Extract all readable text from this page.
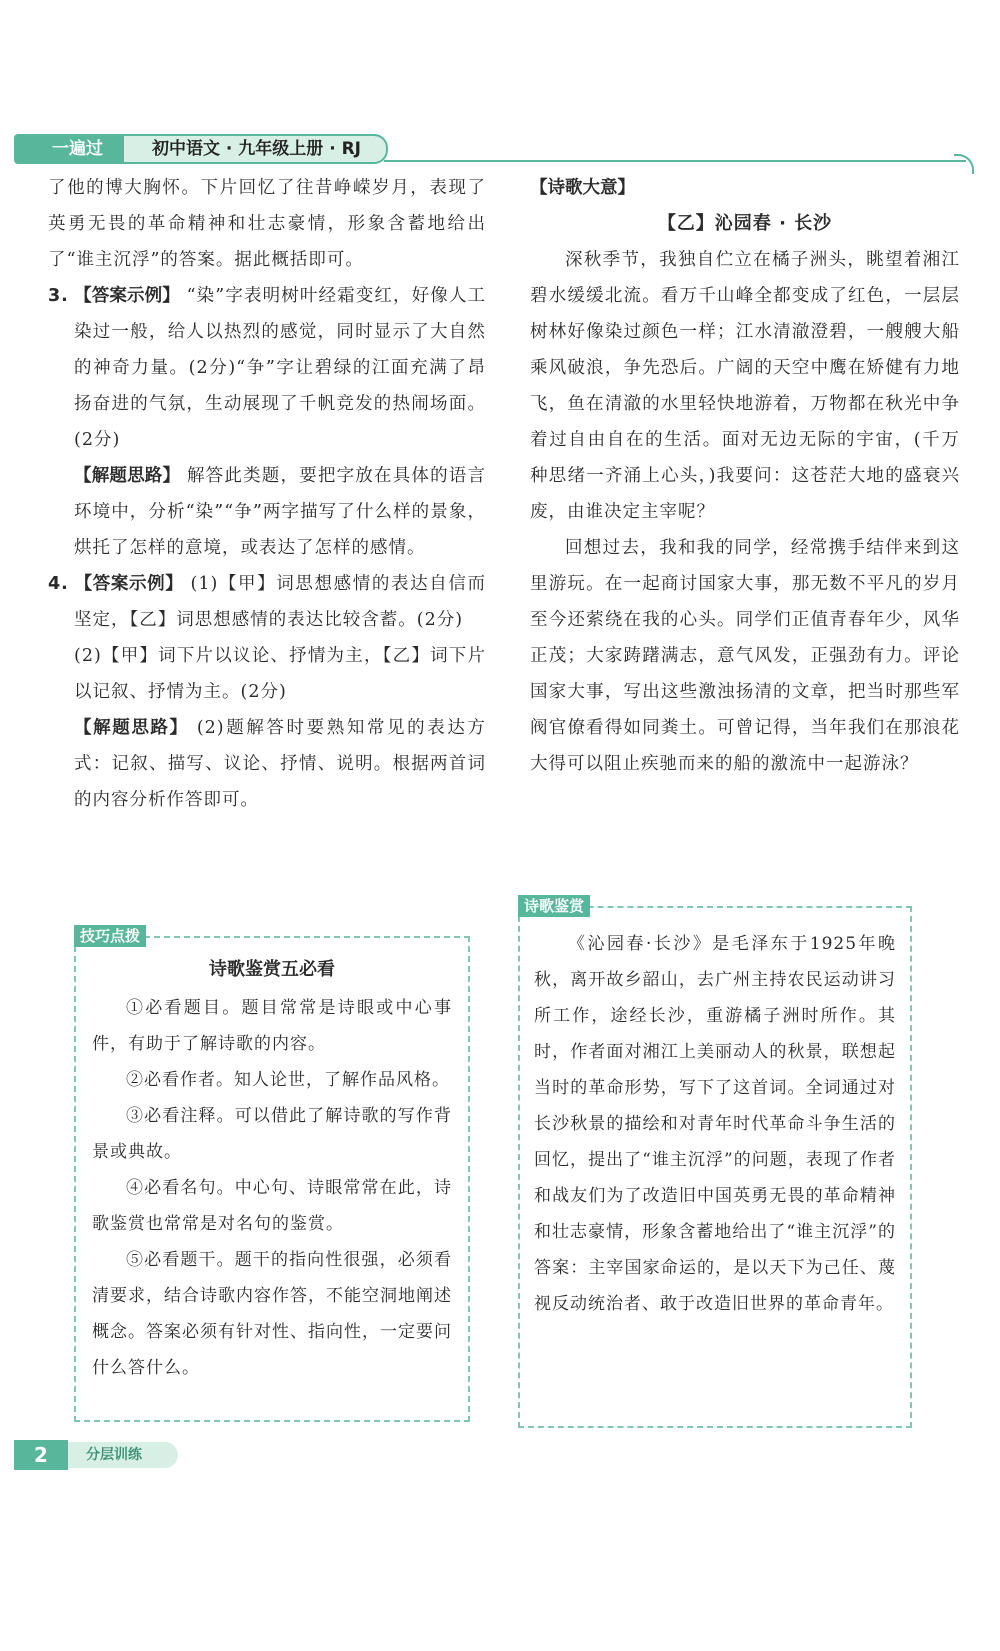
一遍过	初中语文 · 九年级上册 · RJ

了他的博大胸怀。下片回忆了往昔峥嵘岁月，表现了英勇无畏的革命精神和壮志豪情，形象含蓄地给出了“谁主沉浮”的答案。据此概括即可。

3. 【答案示例】 “染”字表明树叶经霜变红，好像人工染过一般，给人以热烈的感觉，同时显示了大自然的神奇力量。(2分)“争”字让碧绿的江面充满了昂扬奋进的气氛，生动展现了千帆竞发的热闹场面。(2分)

【解题思路】 解答此类题，要把字放在具体的语言环境中，分析“染”“争”两字描写了什么样的景象，烘托了怎样的意境，或表达了怎样的感情。

4. 【答案示例】 (1)【甲】词思想感情的表达自信而坚定，【乙】词思想感情的表达比较含蓄。(2分)

(2)【甲】词下片以议论、抒情为主，【乙】词下片以记叙、抒情为主。(2分)

【解题思路】 (2)题解答时要熟知常见的表达方式：记叙、描写、议论、抒情、说明。根据两首词的内容分析作答即可。

技巧点拨

诗歌鉴赏五必看

①必看题目。题目常常是诗眼或中心事件，有助于了解诗歌的内容。

②必看作者。知人论世，了解作品风格。

③必看注释。可以借此了解诗歌的写作背景或典故。

④必看名句。中心句、诗眼常常在此，诗歌鉴赏也常常是对名句的鉴赏。

⑤必看题干。题干的指向性很强，必须看清要求，结合诗歌内容作答，不能空洞地阐述概念。答案必须有针对性、指向性，一定要问什么答什么。

【诗歌大意】

【乙】沁园春 · 长沙

深秋季节，我独自伫立在橘子洲头，眺望着湘江碧水缓缓北流。看万千山峰全都变成了红色，一层层树林好像染过颜色一样；江水清澈澄碧，一艘艘大船乘风破浪，争先恐后。广阔的天空中鹰在矫健有力地飞，鱼在清澈的水里轻快地游着，万物都在秋光中争着过自由自在的生活。面对无边无际的宇宙，(千万种思绪一齐涌上心头，)我要问：这苍茫大地的盛衰兴废，由谁决定主宰呢？

回想过去，我和我的同学，经常携手结伴来到这里游玩。在一起商讨国家大事，那无数不平凡的岁月至今还萦绕在我的心头。同学们正值青春年少，风华正茂；大家踌躇满志，意气风发，正强劲有力。评论国家大事，写出这些激浊扬清的文章，把当时那些军阀官僚看得如同粪土。可曾记得，当年我们在那浪花大得可以阻止疾驰而来的船的激流中一起游泳？

诗歌鉴赏

《沁园春·长沙》是毛泽东于1925年晚秋，离开故乡韶山，去广州主持农民运动讲习所工作，途经长沙，重游橘子洲时所作。其时，作者面对湘江上美丽动人的秋景，联想起当时的革命形势，写下了这首词。全词通过对长沙秋景的描绘和对青年时代革命斗争生活的回忆，提出了“谁主沉浮”的问题，表现了作者和战友们为了改造旧中国英勇无畏的革命精神和壮志豪情，形象含蓄地给出了“谁主沉浮”的答案：主宰国家命运的，是以天下为己任、蔑视反动统治者、敢于改造旧世界的革命青年。

2	分层训练
